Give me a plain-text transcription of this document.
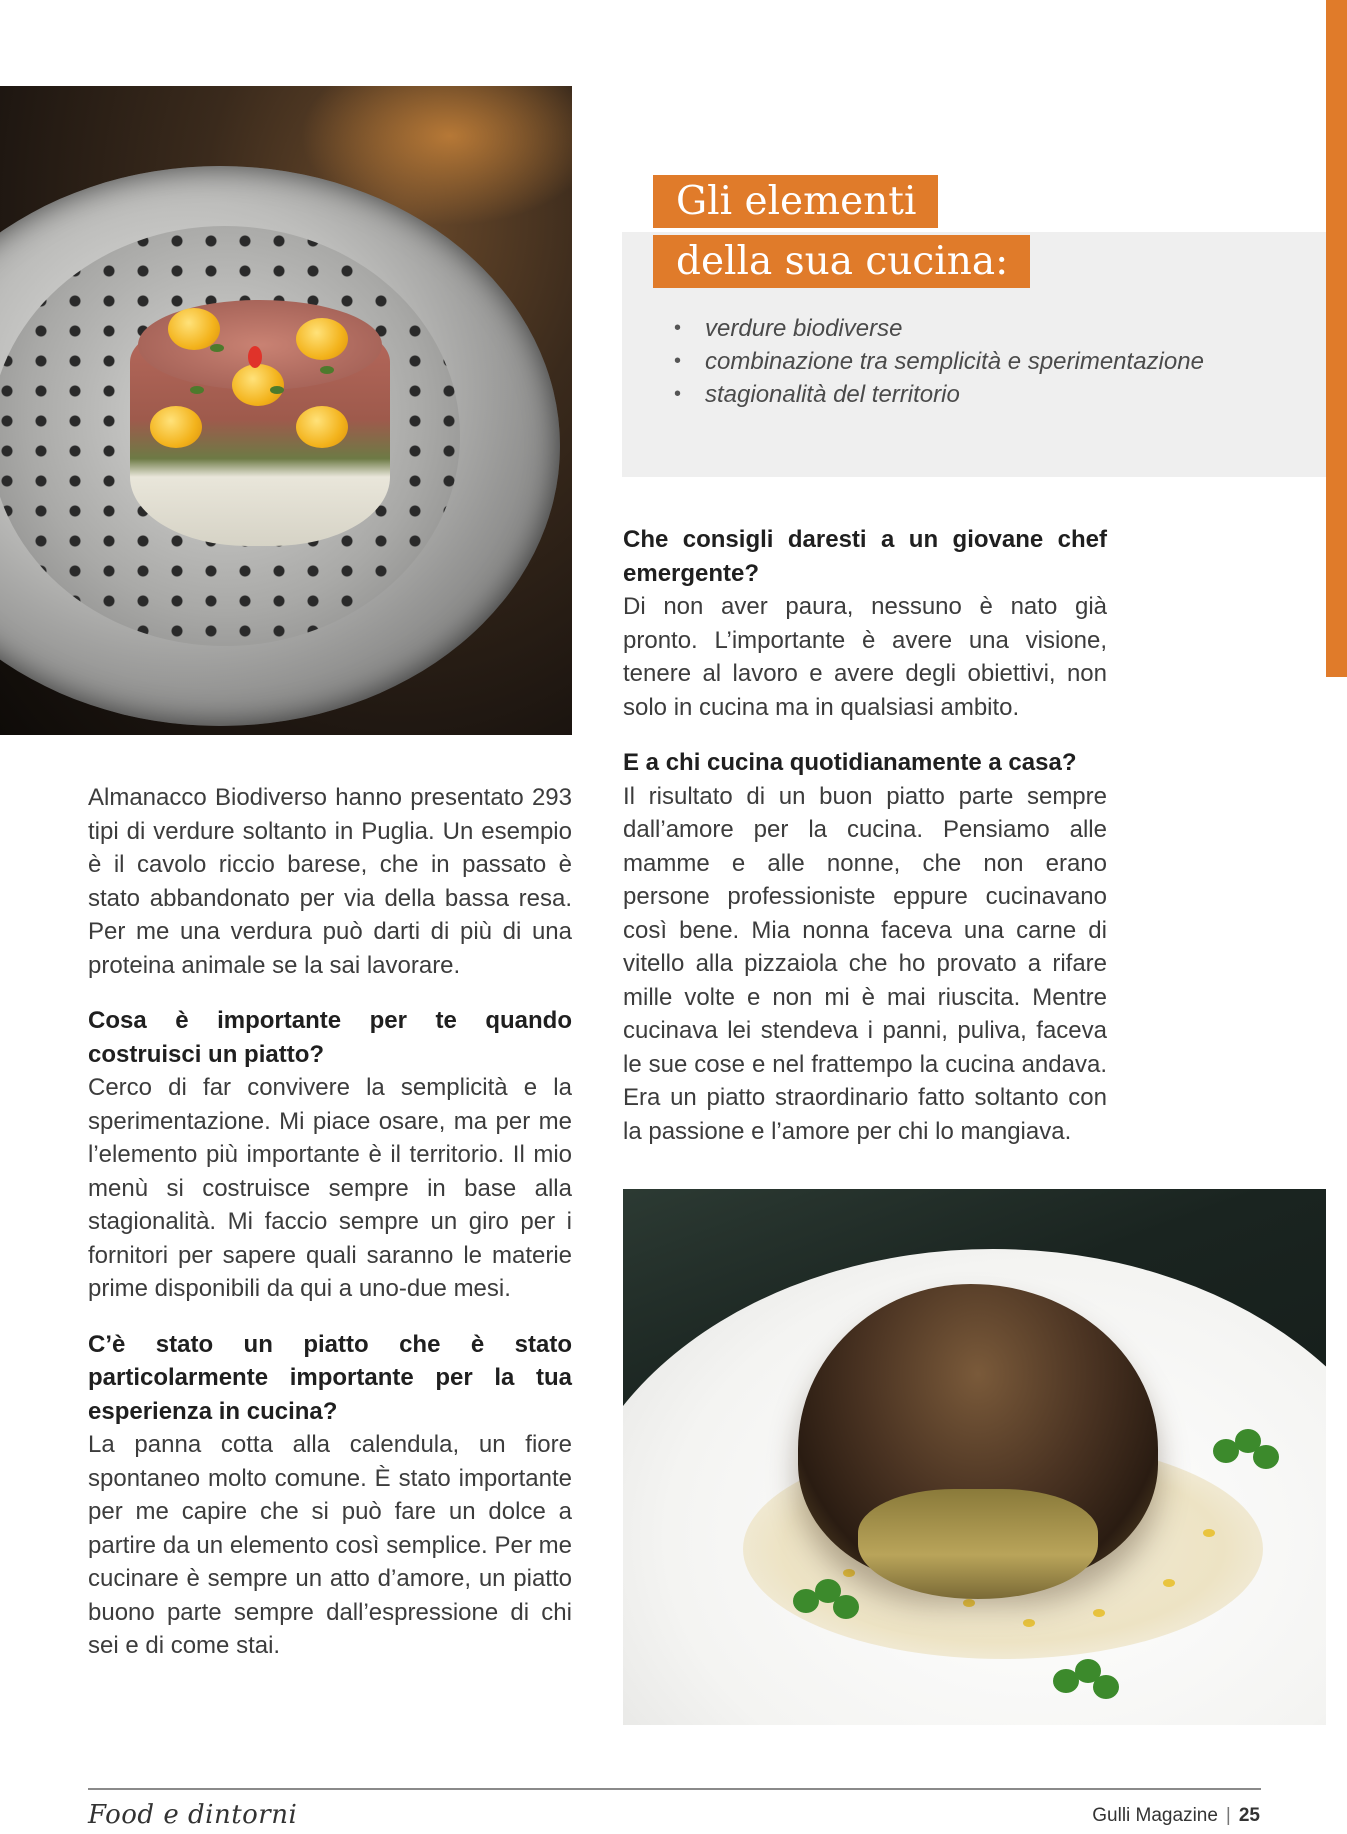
• verdure biodiverse
• combinazione tra semplicità e sperimentazione
• stagionalità del territorio
Gli elementi
della sua cucina:

Almanacco Biodiverso hanno presentato 293 tipi di verdure soltanto in Puglia. Un esempio è il cavolo riccio barese, che in passato è stato abbandonato per via della bassa resa. Per me una verdura può darti di più di una proteina animale se la sai lavorare.

Cosa è importante per te quando costruisci un piatto?

Cerco di far convivere la semplicità e la sperimentazione. Mi piace osare, ma per me l’elemento più importante è il territorio. Il mio menù si costruisce sempre in base alla stagionalità. Mi faccio sempre un giro per i fornitori per sapere quali saranno le materie prime disponibili da qui a uno-due mesi.

C’è stato un piatto che è stato particolarmente importante per la tua esperienza in cucina?

La panna cotta alla calendula, un fiore spontaneo molto comune. È stato importante per me capire che si può fare un dolce a partire da un elemento così semplice. Per me cucinare è sempre un atto d’amore, un piatto buono parte sempre dall’espressione di chi sei e di come stai.

Che consigli daresti a un giovane chef emergente?

Di non aver paura, nessuno è nato già pronto. L’importante è avere una visione, tenere al lavoro e avere degli obiettivi, non solo in cucina ma in qualsiasi ambito.

E a chi cucina quotidianamente a casa?

Il risultato di un buon piatto parte sempre dall’amore per la cucina. Pensiamo alle mamme e alle nonne, che non erano persone professioniste eppure cucinavano così bene. Mia nonna faceva una carne di vitello alla pizzaiola che ho provato a rifare mille volte e non mi è mai riuscita. Mentre cucinava lei stendeva i panni, puliva, faceva le sue cose e nel frattempo la cucina andava. Era un piatto straordinario fatto soltanto con la passione e l’amore per chi lo mangiava.

Food e dintorni	Gulli Magazine | 25
